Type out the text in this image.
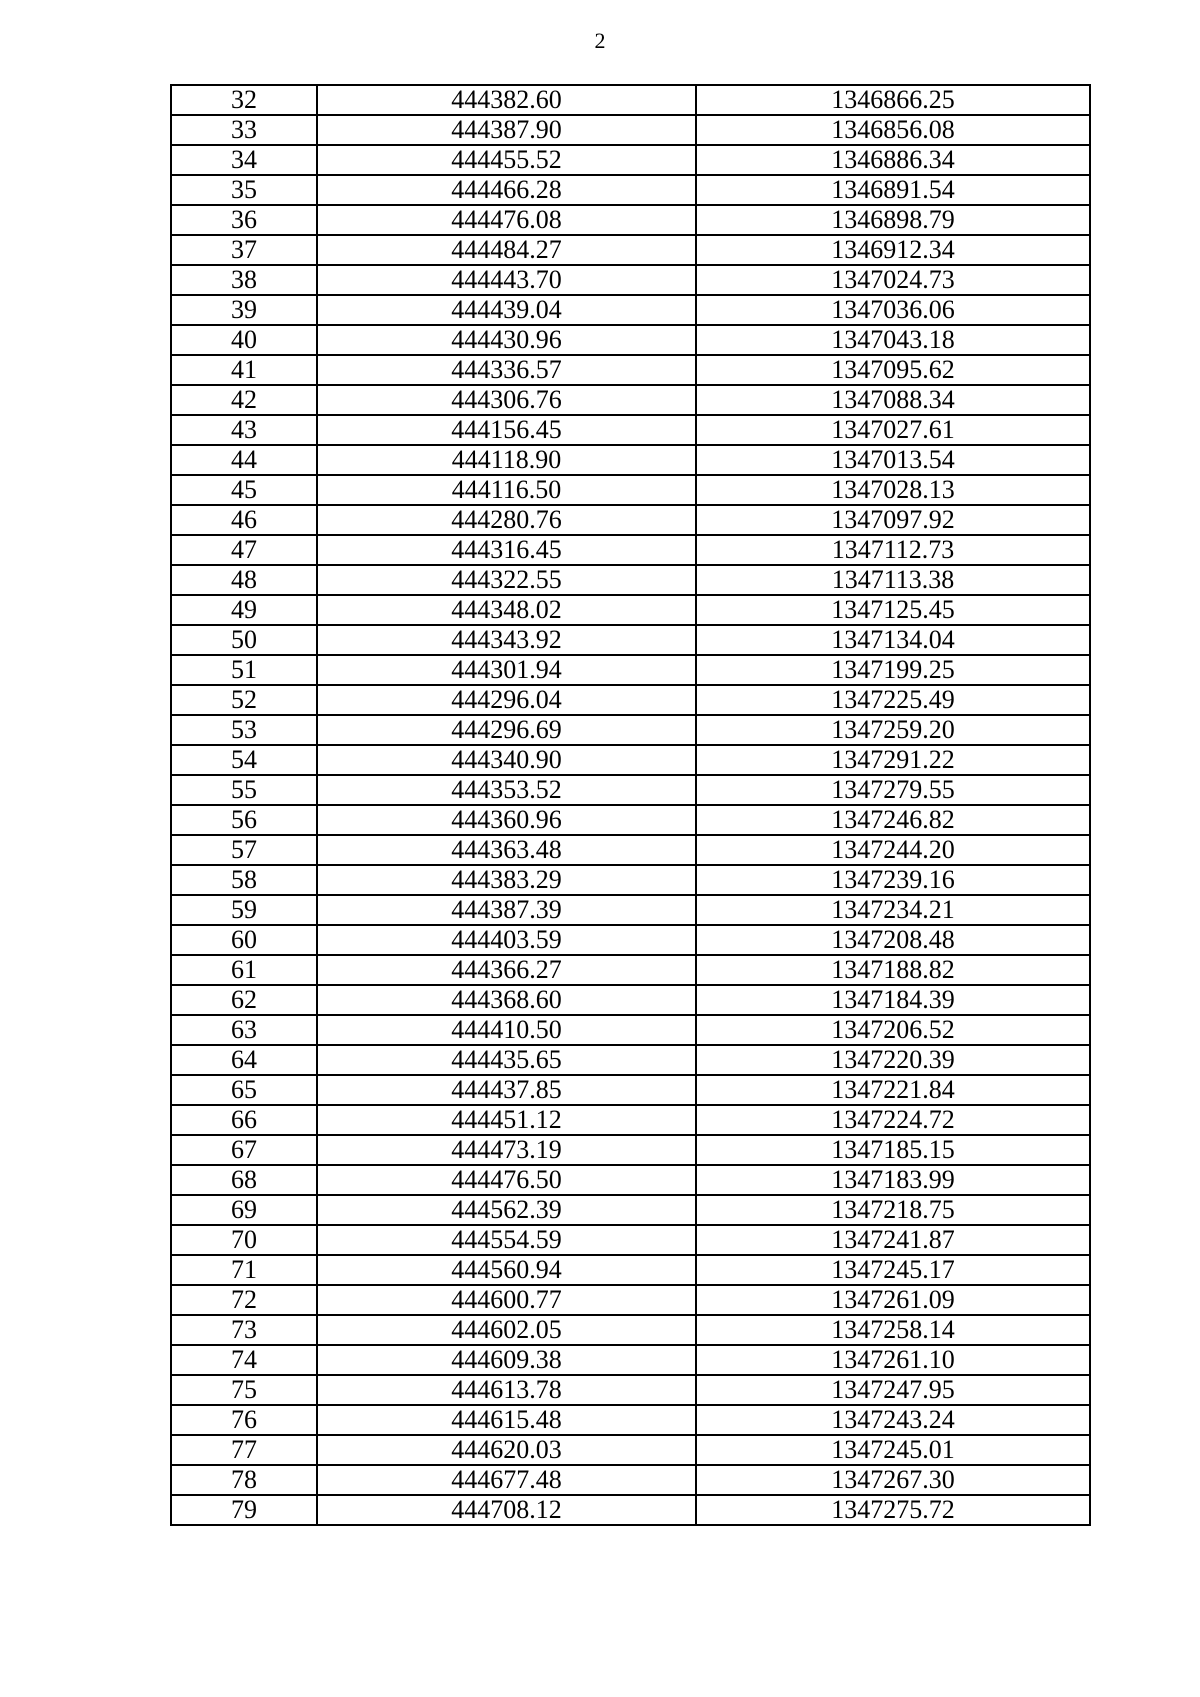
2
32	444382.60	1346866.25
33	444387.90	1346856.08
34	444455.52	1346886.34
35	444466.28	1346891.54
36	444476.08	1346898.79
37	444484.27	1346912.34
38	444443.70	1347024.73
39	444439.04	1347036.06
40	444430.96	1347043.18
41	444336.57	1347095.62
42	444306.76	1347088.34
43	444156.45	1347027.61
44	444118.90	1347013.54
45	444116.50	1347028.13
46	444280.76	1347097.92
47	444316.45	1347112.73
48	444322.55	1347113.38
49	444348.02	1347125.45
50	444343.92	1347134.04
51	444301.94	1347199.25
52	444296.04	1347225.49
53	444296.69	1347259.20
54	444340.90	1347291.22
55	444353.52	1347279.55
56	444360.96	1347246.82
57	444363.48	1347244.20
58	444383.29	1347239.16
59	444387.39	1347234.21
60	444403.59	1347208.48
61	444366.27	1347188.82
62	444368.60	1347184.39
63	444410.50	1347206.52
64	444435.65	1347220.39
65	444437.85	1347221.84
66	444451.12	1347224.72
67	444473.19	1347185.15
68	444476.50	1347183.99
69	444562.39	1347218.75
70	444554.59	1347241.87
71	444560.94	1347245.17
72	444600.77	1347261.09
73	444602.05	1347258.14
74	444609.38	1347261.10
75	444613.78	1347247.95
76	444615.48	1347243.24
77	444620.03	1347245.01
78	444677.48	1347267.30
79	444708.12	1347275.72
